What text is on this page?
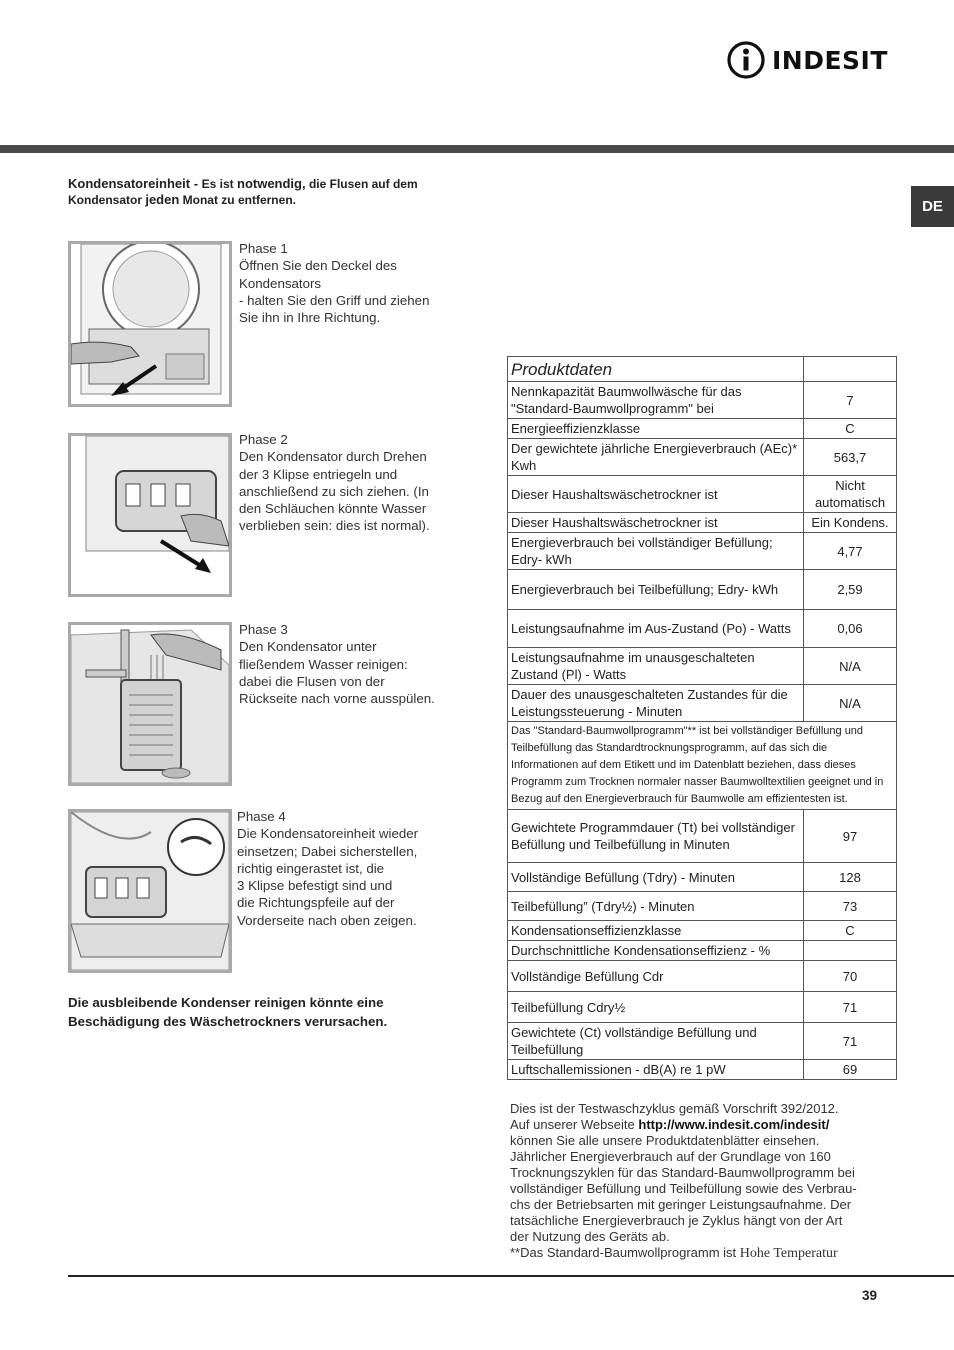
INDESIT
DE
Kondensatoreinheit - Es ist notwendig, die Flusen auf dem Kondensator jeden Monat zu entfernen.
Phase 1
Öffnen Sie den Deckel des
Kondensators
- halten Sie den Griff und ziehen
Sie ihn in Ihre Richtung.
Phase 2
Den Kondensator durch Drehen
der 3 Klipse entriegeln und
anschließend zu sich ziehen. (In
den Schläuchen könnte Wasser
verblieben sein: dies ist normal).
Phase 3
Den Kondensator unter
fließendem Wasser reinigen:
dabei die Flusen von der
Rückseite nach vorne ausspülen.
Phase 4
Die Kondensatoreinheit wieder
einsetzen; Dabei sicherstellen,
richtig eingerastet ist, die
3 Klipse befestigt sind und
die Richtungspfeile auf der
Vorderseite nach oben zeigen.
Die ausbleibende Kondenser reinigen könnte eine Beschädigung des Wäschetrockners verursachen.
Produktdaten	
Nennkapazität Baumwollwäsche für das "Standard-Baumwollprogramm" bei	7
Energieeffizienzklasse	C
Der gewichtete jährliche Energieverbrauch (AEc)* Kwh	563,7
Dieser Haushaltswäschetrockner ist	Nicht automatisch
Dieser Haushaltswäschetrockner ist	Ein Kondens.
Energieverbrauch bei vollständiger Befüllung; Edry- kWh	4,77
Energieverbrauch bei Teilbefüllung; Edry- kWh	2,59
Leistungsaufnahme im Aus-Zustand (Po) - Watts	0,06
Leistungsaufnahme im unausgeschalteten Zustand (Pl) - Watts	N/A
Dauer des unausgeschalteten Zustandes für die Leistungssteuerung - Minuten	N/A
Das "Standard-Baumwollprogramm"** ist bei vollständiger Befüllung und Teilbefüllung das Standardtrocknungsprogramm, auf das sich die Informationen auf dem Etikett und im Datenblatt beziehen, dass dieses Programm zum Trocknen normaler nasser Baumwolltextilien geeignet und in Bezug auf den Energieverbrauch für Baumwolle am effizientesten ist.	
Gewichtete Programmdauer (Tt) bei vollständiger Befüllung und Teilbefüllung in Minuten	97
Vollständige Befüllung (Tdry) - Minuten	128
Teilbefüllung” (Tdry½) - Minuten	73
Kondensationseffizienzklasse	C
Durchschnittliche Kondensationseffizienz - %	
Vollständige Befüllung Cdr	70
Teilbefüllung Cdry½	71
Gewichtete (Ct) vollständige Befüllung und Teilbefüllung	71
Luftschallemissionen - dB(A) re 1 pW	69
Dies ist der Testwaschzyklus gemäß Vorschrift 392/2012.
Auf unserer Webseite http://www.indesit.com/indesit/
können Sie alle unsere Produktdatenblätter einsehen.
Jährlicher Energieverbrauch auf der Grundlage von 160
Trocknungszyklen für das Standard-Baumwollprogramm bei
vollständiger Befüllung und Teilbefüllung sowie des Verbrau-
chs der Betriebsarten mit geringer Leistungsaufnahme. Der
tatsächliche Energieverbrauch je Zyklus hängt von der Art
der Nutzung des Geräts ab.
**Das Standard-Baumwollprogramm ist Hohe Temperatur
39
